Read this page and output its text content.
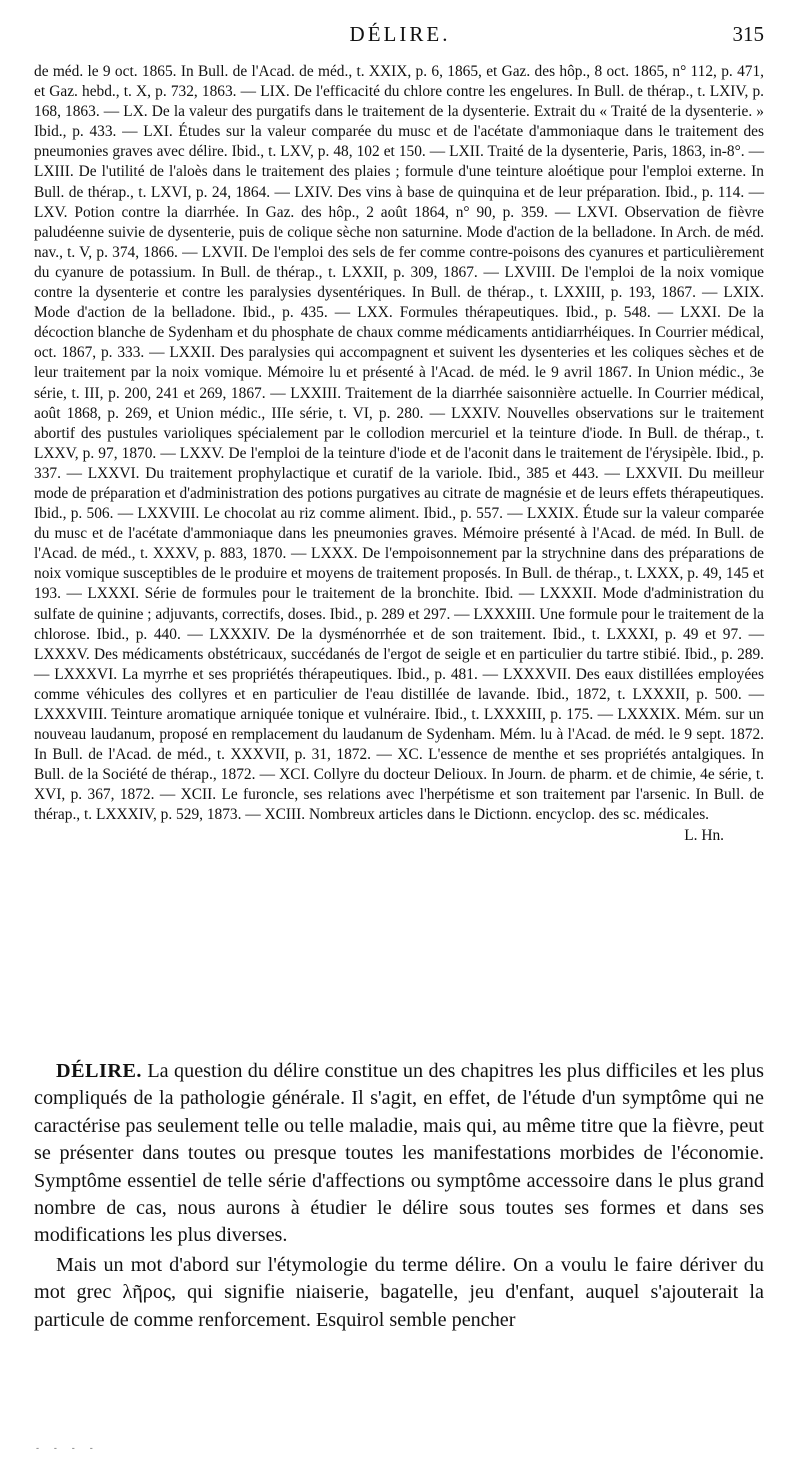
DÉLIRE.	315

de méd. le 9 oct. 1865. In Bull. de l'Acad. de méd., t. XXIX, p. 6, 1865, et Gaz. des hôp., 8 oct. 1865, n° 112, p. 471, et Gaz. hebd., t. X, p. 732, 1863. — LIX. De l'efficacité du chlore contre les engelures. In Bull. de thérap., t. LXIV, p. 168, 1863. — LX. De la valeur des purgatifs dans le traitement de la dysenterie. Extrait du « Traité de la dysenterie. » Ibid., p. 433. — LXI. Études sur la valeur comparée du musc et de l'acétate d'ammoniaque dans le traitement des pneumonies graves avec délire. Ibid., t. LXV, p. 48, 102 et 150. — LXII. Traité de la dysenterie, Paris, 1863, in-8°. — LXIII. De l'utilité de l'aloès dans le traitement des plaies ; formule d'une teinture aloétique pour l'emploi externe. In Bull. de thérap., t. LXVI, p. 24, 1864. — LXIV. Des vins à base de quinquina et de leur préparation. Ibid., p. 114. — LXV. Potion contre la diarrhée. In Gaz. des hôp., 2 août 1864, n° 90, p. 359. — LXVI. Observation de fièvre paludéenne suivie de dysenterie, puis de colique sèche non saturnine. Mode d'action de la belladone. In Arch. de méd. nav., t. V, p. 374, 1866. — LXVII. De l'emploi des sels de fer comme contre-poisons des cyanures et particulièrement du cyanure de potassium. In Bull. de thérap., t. LXXII, p. 309, 1867. — LXVIII. De l'emploi de la noix vomique contre la dysenterie et contre les paralysies dysentériques. In Bull. de thérap., t. LXXIII, p. 193, 1867. — LXIX. Mode d'action de la belladone. Ibid., p. 435. — LXX. Formules thérapeutiques. Ibid., p. 548. — LXXI. De la décoction blanche de Sydenham et du phosphate de chaux comme médicaments antidiarrhéiques. In Courrier médical, oct. 1867, p. 333. — LXXII. Des paralysies qui accompagnent et suivent les dysenteries et les coliques sèches et de leur traitement par la noix vomique. Mémoire lu et présenté à l'Acad. de méd. le 9 avril 1867. In Union médic., 3e série, t. III, p. 200, 241 et 269, 1867. — LXXIII. Traitement de la diarrhée saisonnière actuelle. In Courrier médical, août 1868, p. 269, et Union médic., IIIe série, t. VI, p. 280. — LXXIV. Nouvelles observations sur le traitement abortif des pustules varioliques spécialement par le collodion mercuriel et la teinture d'iode. In Bull. de thérap., t. LXXV, p. 97, 1870. — LXXV. De l'emploi de la teinture d'iode et de l'aconit dans le traitement de l'érysipèle. Ibid., p. 337. — LXXVI. Du traitement prophylactique et curatif de la variole. Ibid., 385 et 443. — LXXVII. Du meilleur mode de préparation et d'administration des potions purgatives au citrate de magnésie et de leurs effets thérapeutiques. Ibid., p. 506. — LXXVIII. Le chocolat au riz comme aliment. Ibid., p. 557. — LXXIX. Étude sur la valeur comparée du musc et de l'acétate d'ammoniaque dans les pneumonies graves. Mémoire présenté à l'Acad. de méd. In Bull. de l'Acad. de méd., t. XXXV, p. 883, 1870. — LXXX. De l'empoisonnement par la strychnine dans des préparations de noix vomique susceptibles de le produire et moyens de traitement proposés. In Bull. de thérap., t. LXXX, p. 49, 145 et 193. — LXXXI. Série de formules pour le traitement de la bronchite. Ibid. — LXXXII. Mode d'administration du sulfate de quinine ; adjuvants, correctifs, doses. Ibid., p. 289 et 297. — LXXXIII. Une formule pour le traitement de la chlorose. Ibid., p. 440. — LXXXIV. De la dysménorrhée et de son traitement. Ibid., t. LXXXI, p. 49 et 97. — LXXXV. Des médicaments obstétricaux, succédanés de l'ergot de seigle et en particulier du tartre stibié. Ibid., p. 289. — LXXXVI. La myrrhe et ses propriétés thérapeutiques. Ibid., p. 481. — LXXXVII. Des eaux distillées employées comme véhicules des collyres et en particulier de l'eau distillée de lavande. Ibid., 1872, t. LXXXII, p. 500. — LXXXVIII. Teinture aromatique arniquée tonique et vulnéraire. Ibid., t. LXXXIII, p. 175. — LXXXIX. Mém. sur un nouveau laudanum, proposé en remplacement du laudanum de Sydenham. Mém. lu à l'Acad. de méd. le 9 sept. 1872. In Bull. de l'Acad. de méd., t. XXXVII, p. 31, 1872. — XC. L'essence de menthe et ses propriétés antalgiques. In Bull. de la Société de thérap., 1872. — XCI. Collyre du docteur Delioux. In Journ. de pharm. et de chimie, 4e série, t. XVI, p. 367, 1872. — XCII. Le furoncle, ses relations avec l'herpétisme et son traitement par l'arsenic. In Bull. de thérap., t. LXXXIV, p. 529, 1873. — XCIII. Nombreux articles dans le Dictionn. encyclop. des sc. médicales.
L. Hn.

DÉLIRE. La question du délire constitue un des chapitres les plus difficiles et les plus compliqués de la pathologie générale. Il s'agit, en effet, de l'étude d'un symptôme qui ne caractérise pas seulement telle ou telle maladie, mais qui, au même titre que la fièvre, peut se présenter dans toutes ou presque toutes les manifestations morbides de l'économie. Symptôme essentiel de telle série d'affections ou symptôme accessoire dans le plus grand nombre de cas, nous aurons à étudier le délire sous toutes ses formes et dans ses modifications les plus diverses.

Mais un mot d'abord sur l'étymologie du terme délire. On a voulu le faire dériver du mot grec λῆρος, qui signifie niaiserie, bagatelle, jeu d'enfant, auquel s'ajouterait la particule de comme renforcement. Esquirol semble pencher

- - - -
